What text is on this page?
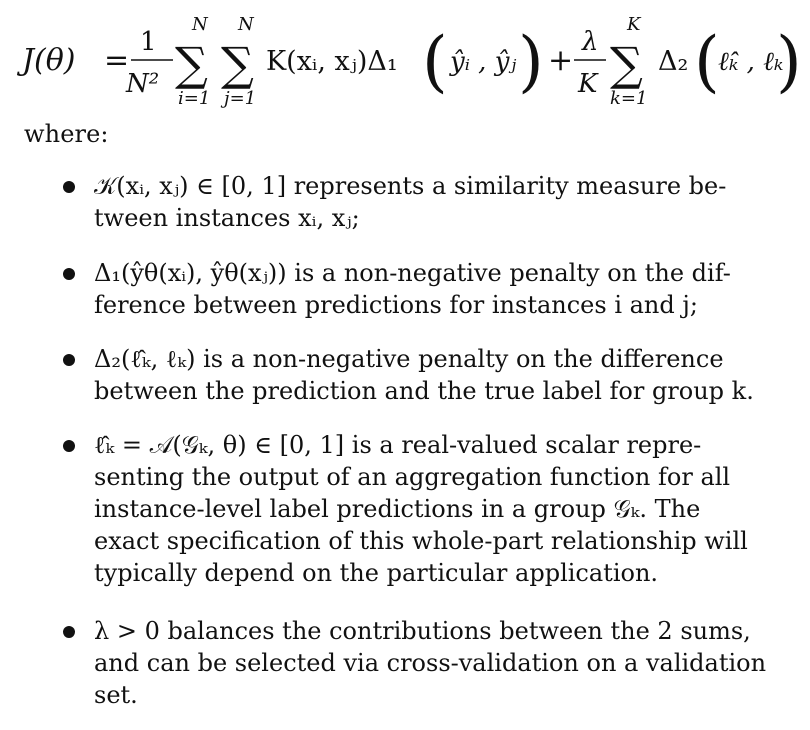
J(θ) =
1
N²
N
∑
i=1
N
∑
j=1
K(xᵢ, xⱼ)Δ₁ ( ŷᵢ , ŷⱼ ) +
λ
K
K
∑
k=1
Δ₂ (
ℓ̂ₖ , ℓₖ
)
where:
𝒦(xᵢ, xⱼ) ∈ [0, 1] represents a similarity measure be-
tween instances xᵢ, xⱼ;
Δ₁(ŷθ(xᵢ), ŷθ(xⱼ)) is a non-negative penalty on the dif-
ference between predictions for instances i and j;
Δ₂(ℓ̂ₖ, ℓₖ) is a non-negative penalty on the difference
between the prediction and the true label for group k.
ℓ̂ₖ = 𝒜(𝒢ₖ, θ) ∈ [0, 1] is a real-valued scalar repre-
senting the output of an aggregation function for all
instance-level label predictions in a group 𝒢ₖ. The
exact specification of this whole-part relationship will
typically depend on the particular application.
λ > 0 balances the contributions between the 2 sums,
and can be selected via cross-validation on a validation
set.
